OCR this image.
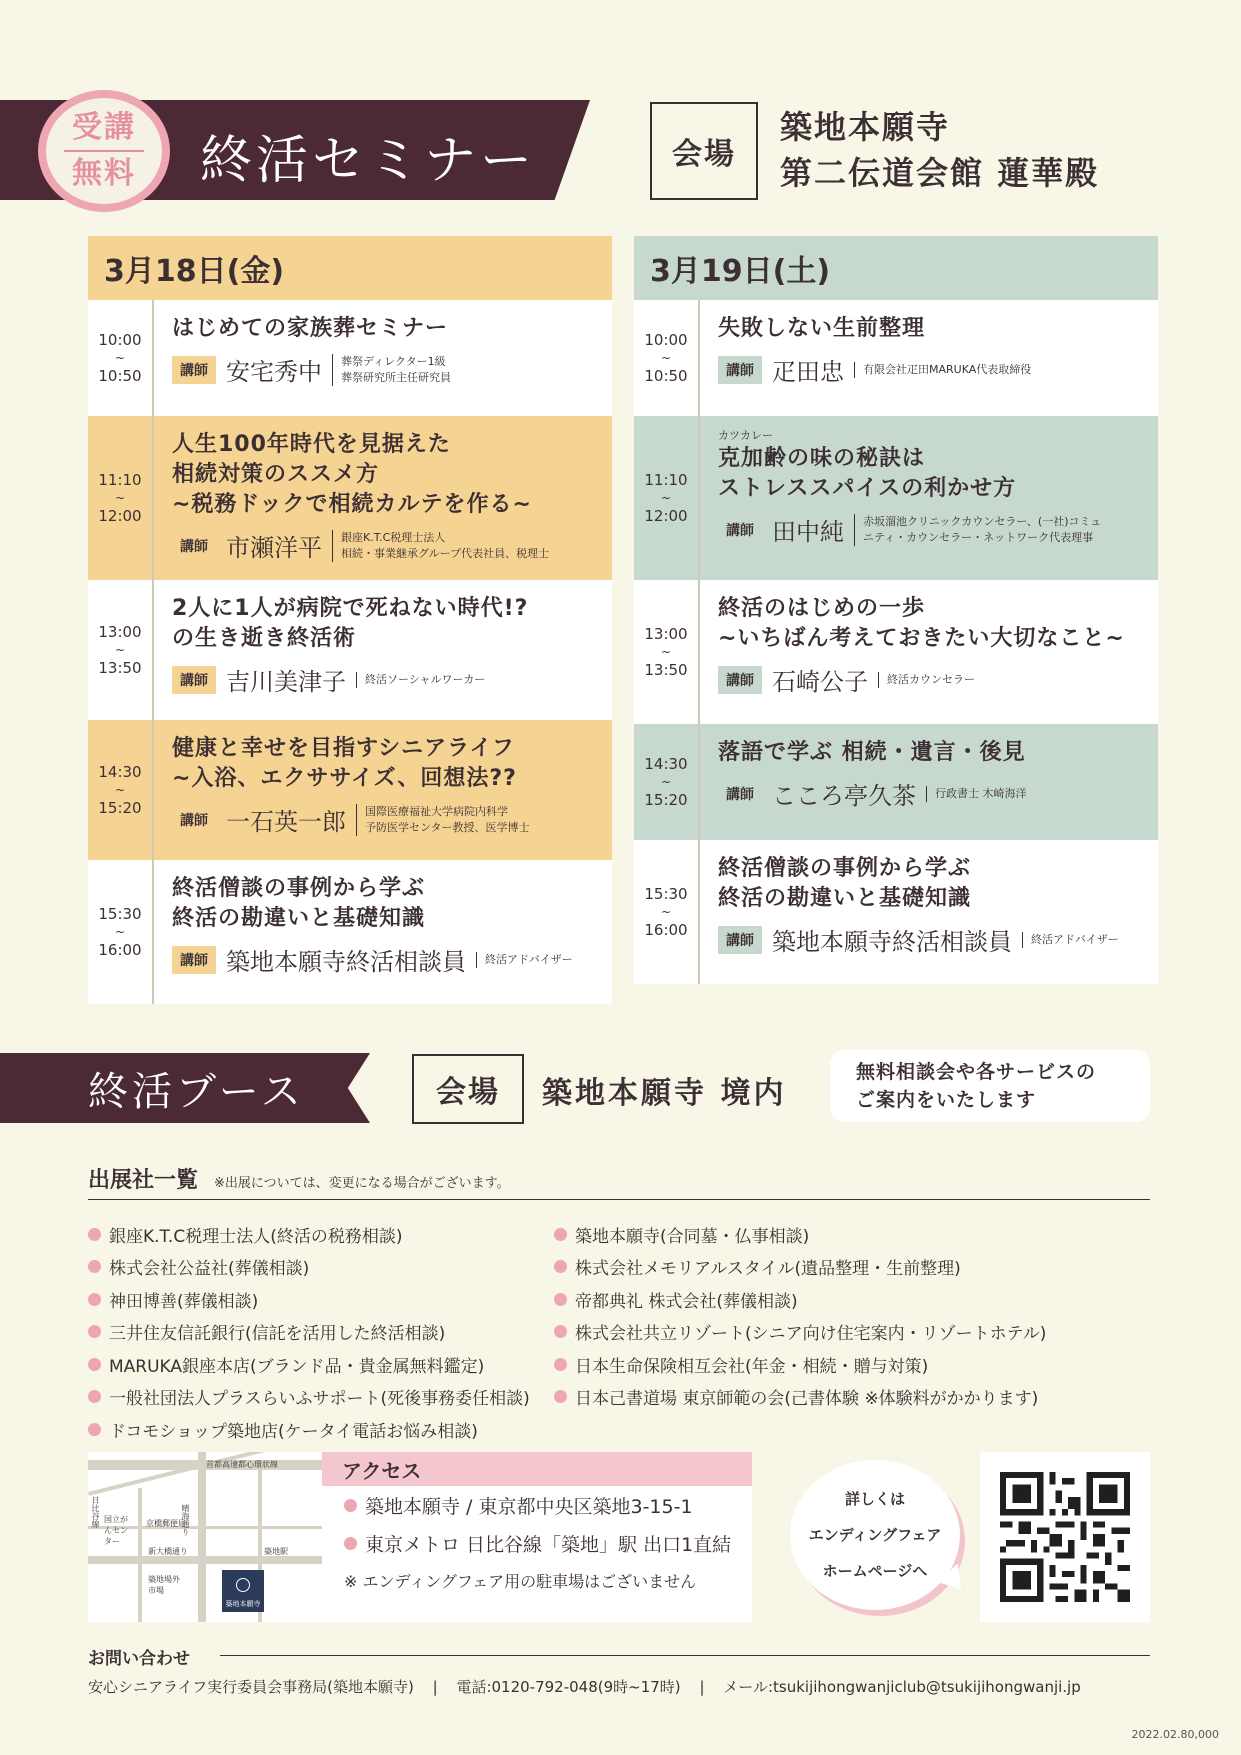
受講
無料 終活セミナー	会場
築地本願寺
第二伝道会館 蓮華殿
3月18日(金)
10:00
~
10:50
はじめての家族葬セミナー
講師 安宅秀中 葬祭ディレクター1級
葬祭研究所主任研究員
11:10
~
12:00
人生100年時代を見据えた
相続対策のススメ方
~税務ドックで相続カルテを作る~
講師 市瀬洋平 銀座K.T.C税理士法人
相続・事業継承グループ代表社員、税理士
13:00
~
13:50
2人に1人が病院で死ねない時代!?
の生き逝き終活術
講師 吉川美津子 終活ソーシャルワーカー
14:30
~
15:20
健康と幸せを目指すシニアライフ
~入浴、エクササイズ、回想法??
講師 一石英一郎 国際医療福祉大学病院内科学
予防医学センター教授、医学博士
15:30
~
16:00
終活僧談の事例から学ぶ
終活の勘違いと基礎知識
講師 築地本願寺終活相談員 終活アドバイザー
3月19日(土)
10:00
~
10:50
失敗しない生前整理
講師 疋田忠 有限会社疋田MARUKA代表取締役
11:10
~
12:00
カツカレー
克加齢の味の秘訣は
ストレススパイスの利かせ方
講師 田中純 赤坂溜池クリニックカウンセラー、(一社)コミュ
ニティ・カウンセラー・ネットワーク代表理事
13:00
~
13:50
終活のはじめの一歩
~いちばん考えておきたい大切なこと~
講師 石崎公子 終活カウンセラー
14:30
~
15:20
落語で学ぶ 相続・遺言・後見
講師 こころ亭久茶 行政書士 木崎海洋
15:30
~
16:00
終活僧談の事例から学ぶ
終活の勘違いと基礎知識
講師 築地本願寺終活相談員 終活アドバイザー
終活ブース	会場	築地本願寺 境内
無料相談会や各サービスの
ご案内をいたします
出展社一覧 ※出展については、変更になる場合がございます。
銀座K.T.C税理士法人(終活の税務相談)
株式会社公益社(葬儀相談)
神田博善(葬儀相談)
三井住友信託銀行(信託を活用した終活相談)
MARUKA銀座本店(ブランド品・貴金属無料鑑定)
一般社団法人プラスらいふサポート(死後事務委任相談)
ドコモショップ築地店(ケータイ電話お悩み相談)
築地本願寺(合同墓・仏事相談)
株式会社メモリアルスタイル(遺品整理・生前整理)
帝都典礼 株式会社(葬儀相談)
株式会社共立リゾート(シニア向け住宅案内・リゾートホテル)
日本生命保険相互会社(年金・相続・贈与対策)
日本己書道場 東京師範の会(己書体験 ※体験料がかかります)
首都高速都心環状線
晴海通り
新大橋通り	築地駅
国立がんセンター
京橋郵便局
築地場外市場
日比谷線
築地本願寺
アクセス
築地本願寺 / 東京都中央区築地3-15-1
東京メトロ 日比谷線「築地」駅 出口1直結
※ エンディングフェア用の駐車場はございません
詳しくは
エンディングフェア
ホームページへ
お問い合わせ
安心シニアライフ実行委員会事務局(築地本願寺) | 電話:0120-792-048(9時~17時) | メール:tsukijihongwanjiclub@tsukijihongwanji.jp
2022.02.80,000
